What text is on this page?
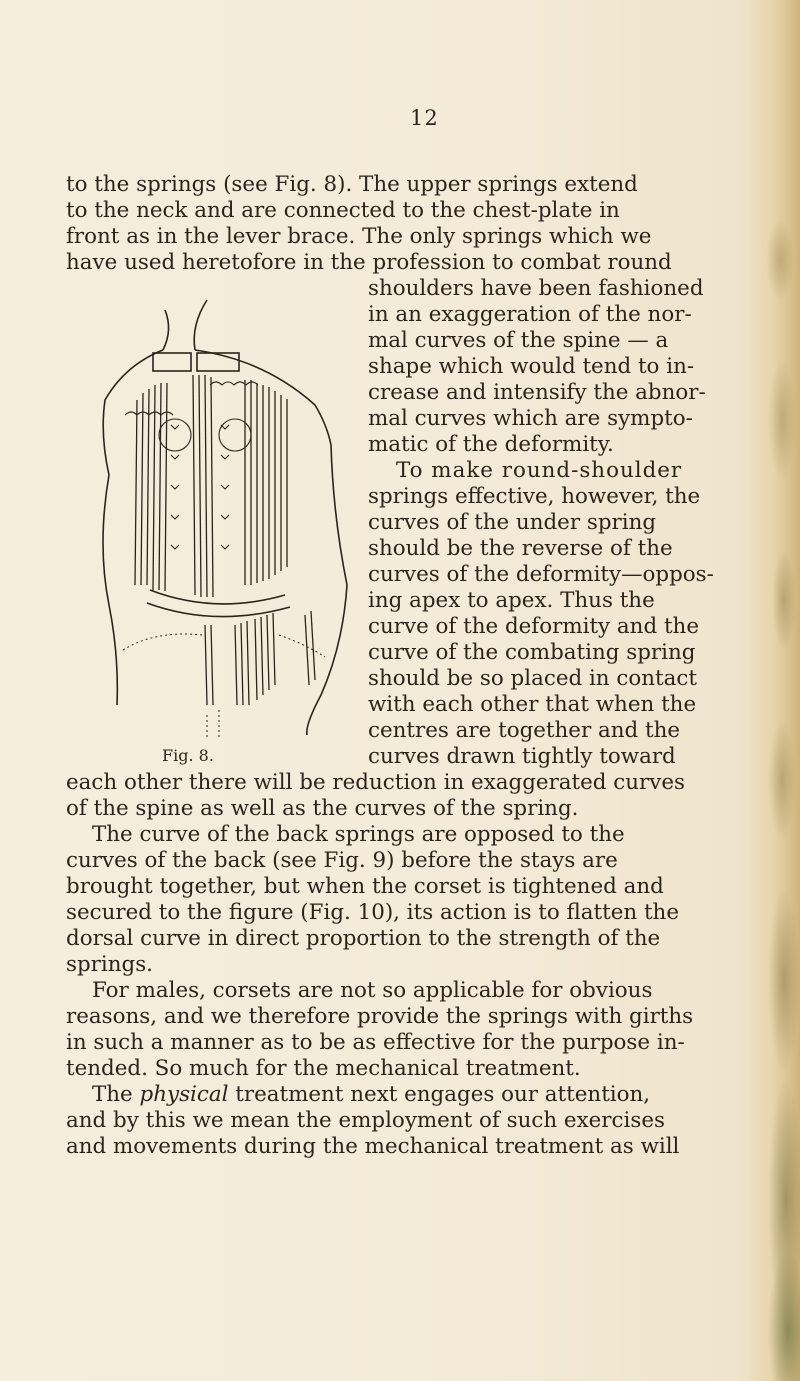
12
Fig. 8.
to the springs (see Fig. 8). The upper springs extend
to the neck and are connected to the chest-plate in
front as in the lever brace. The only springs which we
have used heretofore in the profession to combat round
shoulders have been fashioned
in an exaggeration of the nor-
mal curves of the spine — a
shape which would tend to in-
crease and intensify the abnor-
mal curves which are sympto-
matic of the deformity.
To make round-shoulder
springs effective, however, the
curves of the under spring
should be the reverse of the
curves of the deformity—oppos-
ing apex to apex. Thus the
curve of the deformity and the
curve of the combating spring
should be so placed in contact
with each other that when the
centres are together and the
curves drawn tightly toward
each other there will be reduction in exaggerated curves
of the spine as well as the curves of the spring.
The curve of the back springs are opposed to the
curves of the back (see Fig. 9) before the stays are
brought together, but when the corset is tightened and
secured to the figure (Fig. 10), its action is to flatten the
dorsal curve in direct proportion to the strength of the
springs.
For males, corsets are not so applicable for obvious
reasons, and we therefore provide the springs with girths
in such a manner as to be as effective for the purpose in-
tended. So much for the mechanical treatment.
The physical treatment next engages our attention,
and by this we mean the employment of such exercises
and movements during the mechanical treatment as will
